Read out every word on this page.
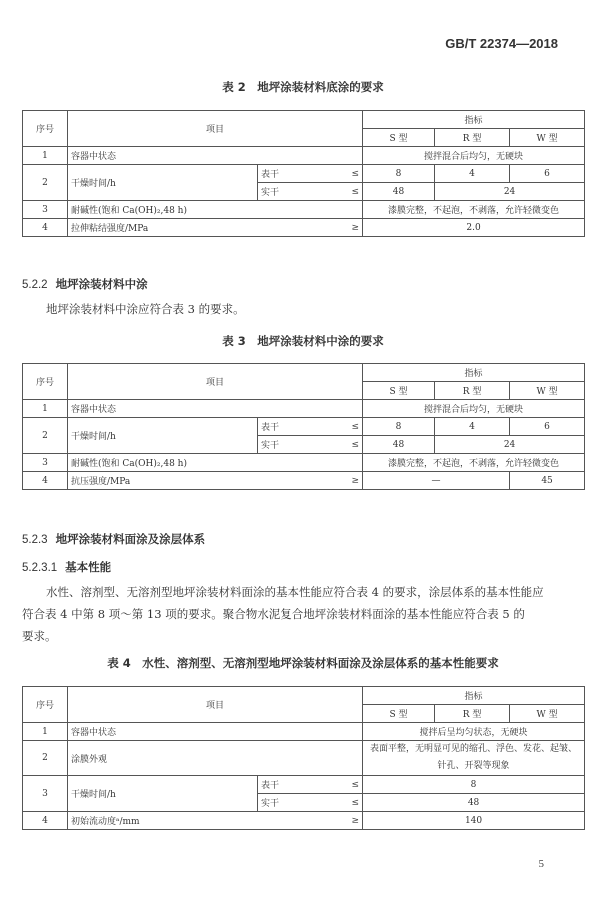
GB/T 22374—2018
表 2　地坪涂装材料底涂的要求
序号	项目			指标		
				S 型	R 型	W 型
1	容器中状态			搅拌混合后均匀，无硬块		
2	干燥时间/h	表干	≤	8	4	6
		实干	≤	48	24	
3	耐碱性(饱和 Ca(OH)₂,48 h)			漆膜完整，不起泡，不剥落，允许轻微变色		
4	拉伸粘结强度/MPa		≥	2.0		
5.2.2 地坪涂装材料中涂
地坪涂装材料中涂应符合表 3 的要求。
表 3　地坪涂装材料中涂的要求
序号	项目			指标		
				S 型	R 型	W 型
1	容器中状态			搅拌混合后均匀，无硬块		
2	干燥时间/h	表干	≤	8	4	6
		实干	≤	48	24	
3	耐碱性(饱和 Ca(OH)₂,48 h)			漆膜完整，不起泡，不剥落，允许轻微变色		
4	抗压强度/MPa		≥	—		45
5.2.3 地坪涂装材料面涂及涂层体系
5.2.3.1 基本性能
水性、溶剂型、无溶剂型地坪涂装材料面涂的基本性能应符合表 4 的要求，涂层体系的基本性能应
符合表 4 中第 8 项～第 13 项的要求。聚合物水泥复合地坪涂装材料面涂的基本性能应符合表 5 的
要求。
表 4　水性、溶剂型、无溶剂型地坪涂装材料面涂及涂层体系的基本性能要求
序号	项目			指标		
				S 型	R 型	W 型
1	容器中状态			搅拌后呈均匀状态，无硬块		
2	涂膜外观			表面平整，无明显可见的缩孔、浮色、发花、起皱、
针孔、开裂等现象		

3	干燥时间/h	表干	≤	8		
		实干	≤	48		
4	初始流动度ᵃ/mm		≥	140		
5
